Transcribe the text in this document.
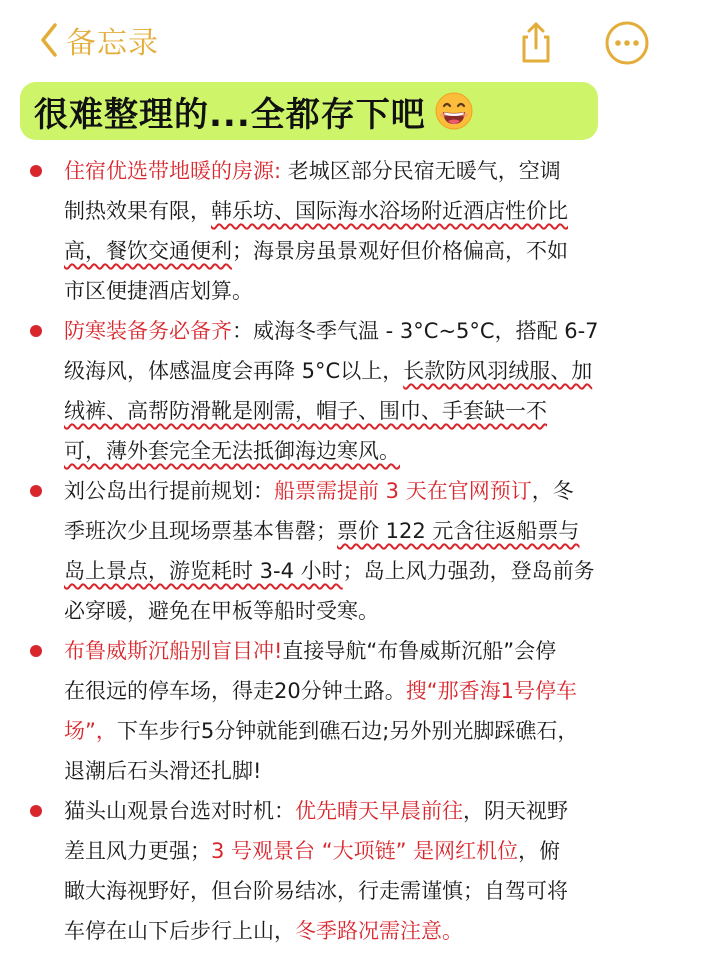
备忘录
很难整理的...全都存下吧
住宿优选带地暖的房源: 老城区部分民宿无暖气，空调
制热效果有限，韩乐坊、国际海水浴场附近酒店性价比
高，餐饮交通便利；海景房虽景观好但价格偏高，不如
市区便捷酒店划算。
防寒装备务必备齐：威海冬季气温 - 3°C~5°C，搭配 6-7
级海风，体感温度会再降 5°C以上，长款防风羽绒服、加
绒裤、高帮防滑靴是刚需，帽子、围巾、手套缺一不
可，薄外套完全无法抵御海边寒风。
刘公岛出行提前规划：船票需提前 3 天在官网预订，冬
季班次少且现场票基本售罄；票价 122 元含往返船票与
岛上景点，游览耗时 3-4 小时；岛上风力强劲，登岛前务
必穿暖，避免在甲板等船时受寒。
布鲁威斯沉船别盲目冲!直接导航“布鲁威斯沉船”会停
在很远的停车场，得走20分钟土路。搜“那香海1号停车
场”，下车步行5分钟就能到礁石边;另外别光脚踩礁石，
退潮后石头滑还扎脚!
猫头山观景台选对时机：优先晴天早晨前往，阴天视野
差且风力更强；3 号观景台 “大项链” 是网红机位，俯
瞰大海视野好，但台阶易结冰，行走需谨慎；自驾可将
车停在山下后步行上山，冬季路况需注意。
